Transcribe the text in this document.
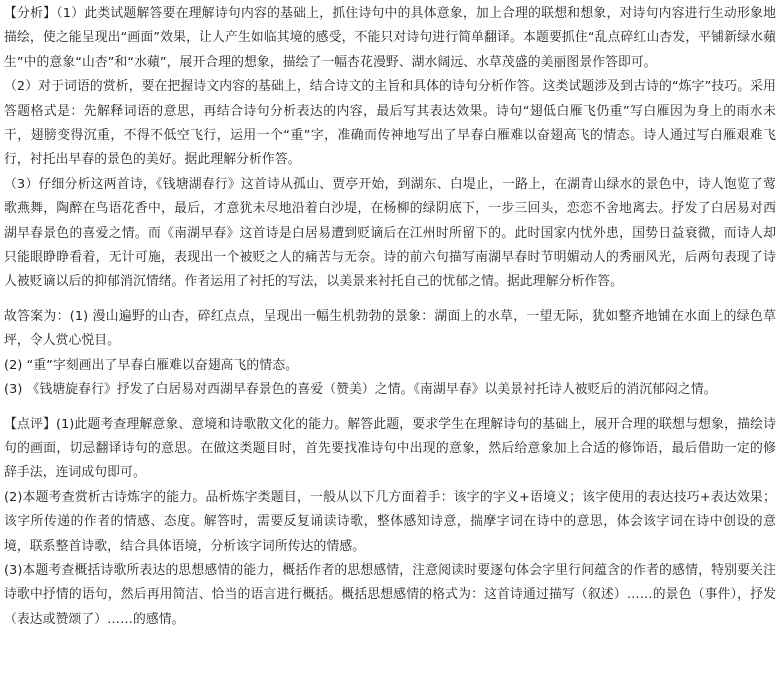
【分析】（1）此类试题解答要在理解诗句内容的基础上，抓住诗句中的具体意象，加上合理的联想和想象，对诗句内容进行生动形象地描绘，使之能呈现出“画面”效果，让人产生如临其境的感受，不能只对诗句进行简单翻译。本题要抓住“乱点碎红山杏发，平铺新绿水蘋生”中的意象“山杏”和“水蘋”，展开合理的想象，描绘了一幅杏花漫野、湖水阔远、水草茂盛的美丽图景作答即可。

（2）对于词语的赏析，要在把握诗文内容的基础上，结合诗文的主旨和具体的诗句分析作答。这类试题涉及到古诗的“炼字”技巧。采用答题格式是：先解释词语的意思，再结合诗句分析表达的内容，最后写其表达效果。诗句“翅低白雁飞仍重”写白雁因为身上的雨水未干，翅膀变得沉重，不得不低空飞行，运用一个“重”字，准确而传神地写出了早春白雁难以奋翅高飞的情态。诗人通过写白雁艰难飞行，衬托出早春的景色的美好。据此理解分析作答。

（3）仔细分析这两首诗，《钱塘湖春行》这首诗从孤山、贾亭开始，到湖东、白堤止，一路上，在湖青山绿水的景色中，诗人饱览了莺歌燕舞，陶醉在鸟语花香中，最后，才意犹未尽地沿着白沙堤，在杨柳的绿阴底下，一步三回头，恋恋不舍地离去。抒发了白居易对西湖早春景色的喜爱之情。而《南湖早春》这首诗是白居易遭到贬谪后在江州时所留下的。此时国家内忧外患，国势日益衰微，而诗人却只能眼睁睁看着，无计可施，表现出一个被贬之人的痛苦与无奈。诗的前六句描写南湖早春时节明媚动人的秀丽风光，后两句表现了诗人被贬谪以后的抑郁消沉情绪。作者运用了衬托的写法，以美景来衬托自己的忧郁之情。据此理解分析作答。

故答案为：(1) 漫山遍野的山杏，碎红点点，呈现出一幅生机勃勃的景象：湖面上的水草，一望无际，犹如整齐地铺在水面上的绿色草坪，令人赏心悦目。

(2) “重”字刻画出了早春白雁难以奋翅高飞的情态。

(3) 《钱塘旋春行》抒发了白居易对西湖早春景色的喜爱（赞美）之情。《南湖早春》以美景衬托诗人被贬后的消沉郁闷之情。

【点评】(1)此题考查理解意象、意境和诗歌散文化的能力。解答此题，要求学生在理解诗句的基础上，展开合理的联想与想象，描绘诗句的画面，切忌翻译诗句的意思。在做这类题目时，首先要找准诗句中出现的意象，然后给意象加上合适的修饰语，最后借助一定的修辞手法，连词成句即可。

(2)本题考查赏析古诗炼字的能力。品析炼字类题目，一般从以下几方面着手：该字的字义+语境义；该字使用的表达技巧+表达效果；该字所传递的作者的情感、态度。解答时，需要反复诵读诗歌，整体感知诗意，揣摩字词在诗中的意思，体会该字词在诗中创设的意境，联系整首诗歌，结合具体语境，分析该字词所传达的情感。

(3)本题考查概括诗歌所表达的思想感情的能力，概括作者的思想感情，注意阅读时要逐句体会字里行间蕴含的作者的感情，特别要关注诗歌中抒情的语句，然后再用简洁、恰当的语言进行概括。概括思想感情的格式为：这首诗通过描写（叙述）……的景色（事件），抒发（表达或赞颂了）……的感情。
